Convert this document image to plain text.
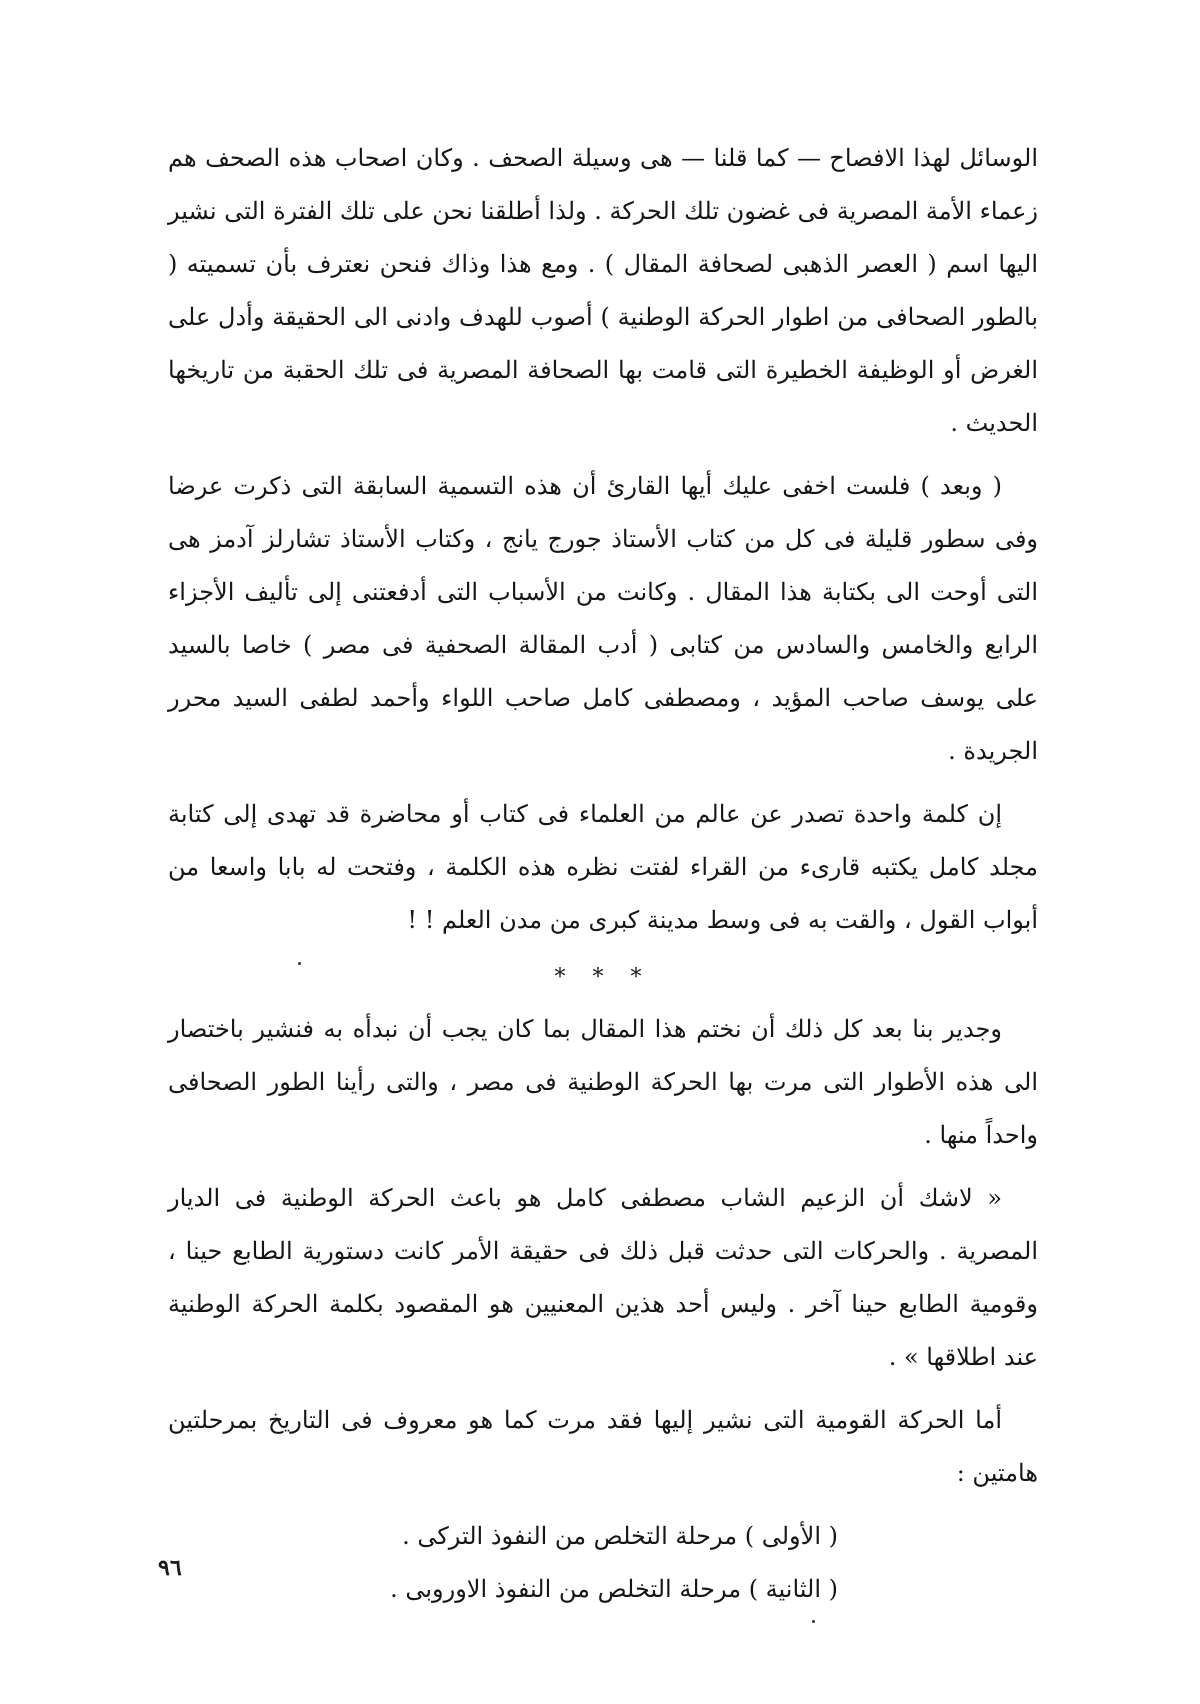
الوسائل لهذا الافصاح — كما قلنا — هى وسيلة الصحف . وكان اصحاب هذه الصحف هم زعماء الأمة المصرية فى غضون تلك الحركة . ولذا أطلقنا نحن على تلك الفترة التى نشير اليها اسم ( العصر الذهبى لصحافة المقال ) . ومع هذا وذاك فنحن نعترف بأن تسميته ( بالطور الصحافى من اطوار الحركة الوطنية ) أصوب للهدف وادنى الى الحقيقة وأدل على الغرض أو الوظيفة الخطيرة التى قامت بها الصحافة المصرية فى تلك الحقبة من تاريخها الحديث .

( وبعد ) فلست اخفى عليك أيها القارئ أن هذه التسمية السابقة التى ذكرت عرضا وفى سطور قليلة فى كل من كتاب الأستاذ جورج يانج ، وكتاب الأستاذ تشارلز آدمز هى التى أوحت الى بكتابة هذا المقال . وكانت من الأسباب التى أدفعتنى إلى تأليف الأجزاء الرابع والخامس والسادس من كتابى ( أدب المقالة الصحفية فى مصر ) خاصا بالسيد على يوسف صاحب المؤيد ، ومصطفى كامل صاحب اللواء وأحمد لطفى السيد محرر الجريدة .

إن كلمة واحدة تصدر عن عالم من العلماء فى كتاب أو محاضرة قد تهدى إلى كتابة مجلد كامل يكتبه قارىء من القراء لفتت نظره هذه الكلمة ، وفتحت له بابا واسعا من أبواب القول ، والقت به فى وسط مدينة كبرى من مدن العلم ! !

* * *

وجدير بنا بعد كل ذلك أن نختم هذا المقال بما كان يجب أن نبدأه به فنشير باختصار الى هذه الأطوار التى مرت بها الحركة الوطنية فى مصر ، والتى رأينا الطور الصحافى واحداً منها .

« لاشك أن الزعيم الشاب مصطفى كامل هو باعث الحركة الوطنية فى الديار المصرية . والحركات التى حدثت قبل ذلك فى حقيقة الأمر كانت دستورية الطابع حينا ، وقومية الطابع حينا آخر . وليس أحد هذين المعنيين هو المقصود بكلمة الحركة الوطنية عند اطلاقها » .

أما الحركة القومية التى نشير إليها فقد مرت كما هو معروف فى التاريخ بمرحلتين هامتين :

( الأولى ) مرحلة التخلص من النفوذ التركى .

( الثانية ) مرحلة التخلص من النفوذ الاوروبى .

٩٦
